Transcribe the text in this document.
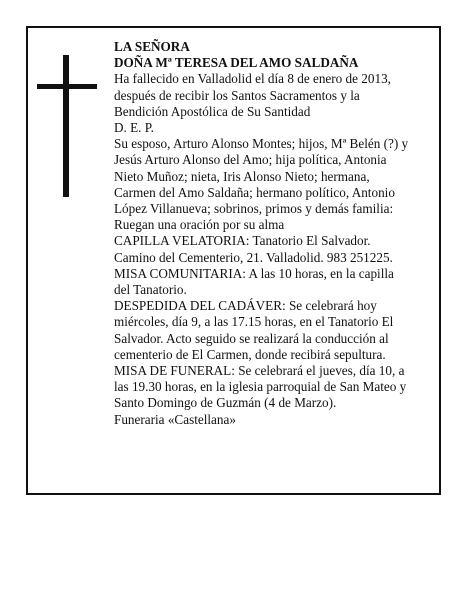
LA SEÑORA
DOÑA Mª TERESA DEL AMO SALDAÑA
Ha fallecido en Valladolid el día 8 de enero de 2013,
después de recibir los Santos Sacramentos y la
Bendición Apostólica de Su Santidad
D. E. P.
Su esposo, Arturo Alonso Montes; hijos, Mª Belén (?) y
Jesús Arturo Alonso del Amo; hija política, Antonia
Nieto Muñoz; nieta, Iris Alonso Nieto; hermana,
Carmen del Amo Saldaña; hermano político, Antonio
López Villanueva; sobrinos, primos y demás familia:
Ruegan una oración por su alma
CAPILLA VELATORIA: Tanatorio El Salvador.
Camino del Cementerio, 21. Valladolid. 983 251225.
MISA COMUNITARIA: A las 10 horas, en la capilla
del Tanatorio.
DESPEDIDA DEL CADÁVER: Se celebrará hoy
miércoles, día 9, a las 17.15 horas, en el Tanatorio El
Salvador. Acto seguido se realizará la conducción al
cementerio de El Carmen, donde recibirá sepultura.
MISA DE FUNERAL: Se celebrará el jueves, día 10, a
las 19.30 horas, en la iglesia parroquial de San Mateo y
Santo Domingo de Guzmán (4 de Marzo).
Funeraria «Castellana»
